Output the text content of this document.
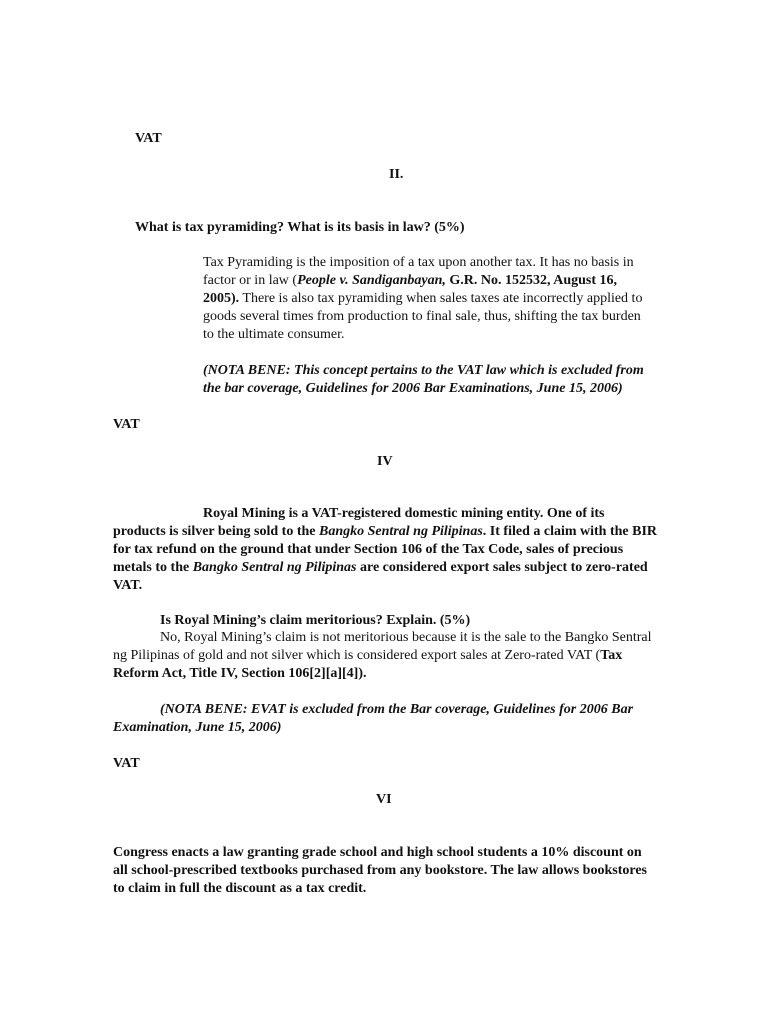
VAT
II.
What is tax pyramiding? What is its basis in law? (5%)
Tax Pyramiding is the imposition of a tax upon another tax. It has no basis in factor or in law (People v. Sandiganbayan, G.R. No. 152532, August 16, 2005). There is also tax pyramiding when sales taxes ate incorrectly applied to goods several times from production to final sale, thus, shifting the tax burden to the ultimate consumer.
(NOTA BENE: This concept pertains to the VAT law which is excluded from the bar coverage, Guidelines for 2006 Bar Examinations, June 15, 2006)
VAT
IV
Royal Mining is a VAT-registered domestic mining entity. One of its products is silver being sold to the Bangko Sentral ng Pilipinas. It filed a claim with the BIR for tax refund on the ground that under Section 106 of the Tax Code, sales of precious metals to the Bangko Sentral ng Pilipinas are considered export sales subject to zero-rated VAT.
Is Royal Mining’s claim meritorious? Explain. (5%)
No, Royal Mining’s claim is not meritorious because it is the sale to the Bangko Sentral ng Pilipinas of gold and not silver which is considered export sales at Zero-rated VAT (Tax Reform Act, Title IV, Section 106[2][a][4]).
(NOTA BENE: EVAT is excluded from the Bar coverage, Guidelines for 2006 Bar Examination, June 15, 2006)
VAT
VI
Congress enacts a law granting grade school and high school students a 10% discount on all school-prescribed textbooks purchased from any bookstore. The law allows bookstores to claim in full the discount as a tax credit.
